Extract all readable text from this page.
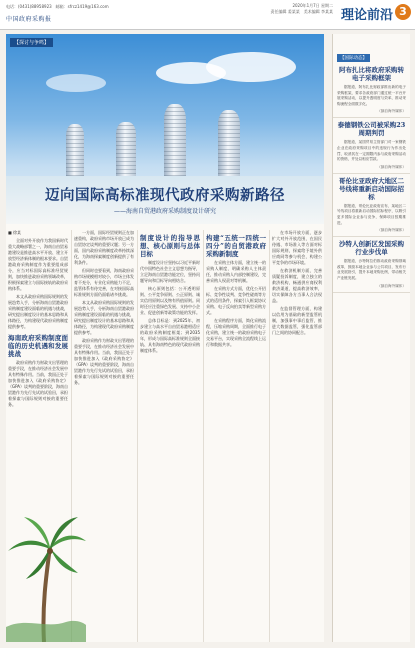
电话：(0431)88958923　邮箱：sfrcz1419@163.com
中国政府采购报
2020年1月7日 星期二
责任编辑 姜某某　美术编辑 李某某 理论前沿 3
【探讨与争鸣】
迈向国际高标准现代政府采购新路径
——海南自贸港政府采购制度设计研究

■ 徐某

全面对外开放作为我国新时代重大战略部署之一，海南自由贸易港建设是推进高水平开放、建立开放型经济新体制的根本要求。自贸港政府采购制度作为重要组成部分，应当对标国际高标准经贸规则，加快推进政府采购领域改革，积极探索建立与国际接轨的政府采购体系。

本文从政府采购国际规则的发展趋势入手，分析海南自贸港政府采购制度建设面临的机遇与挑战，研究提出制度设计的基本思路和具体路径，为构建现代政府采购制度提供参考。

海南政府采购制度面临的历史机遇和发展挑战

政府采购作为财政支出管理的重要手段，在推动经济社会发展中具有特殊作用。当前，我国正处于加快推进加入《政府采购协定》（GPA）谈判的重要阶段，海南自贸港作为先行先试的试验田，承担着探索与国际规则对接的重要任务。

一方面，国际经贸规则正在加速重构，政府采购市场开放已成为自贸协定谈判的重要议题；另一方面，国内政府采购制度改革持续深化，为海南探索制度创新提供了有利条件。

但同时也要看到，海南政府采购市场规模相对较小，市场主体发育不充分，专业化采购能力不足，监管体系有待完善，在对接国际高标准规则方面仍面临诸多挑战。

本文从政府采购国际规则的发展趋势入手，分析海南自贸港政府采购制度建设面临的机遇与挑战，研究提出制度设计的基本思路和具体路径，为构建现代政府采购制度提供参考。

政府采购作为财政支出管理的重要手段，在推动经济社会发展中具有特殊作用。当前，我国正处于加快推进加入《政府采购协定》（GPA）谈判的重要阶段，海南自贸港作为先行先试的试验田，承担着探索与国际规则对接的重要任务。

制度设计的指导思想、核心原则与总体目标

制度设计应坚持以习近平新时代中国特色社会主义思想为指导，立足海南自贸港功能定位，坚持问题导向和目标导向相结合。

核心原则包括：公开透明原则、公平竞争原则、公正原则、诚实信用原则以及物有所值原则。同时还应注重绿色发展、支持中小企业、促进创新等政策功能的发挥。

总体目标是：到2025年，初步建立与高水平自由贸易港相适应的政府采购制度框架；到2035年，形成与国际高标准规则全面接轨、具有海南特色的现代政府采购制度体系。

构建“五统一四统一四分”的自贸港政府采购新制度

在采购主体方面，建立统一的采购人制度，明确采购人主体责任，推动采购人内部控制建设，完善采购人权责对等机制。

在采购方式方面，优化公开招标、竞争性谈判、竞争性磋商等方式的适用条件，探索引入框架协议采购、电子反向拍卖等新型采购方式。

在采购程序方面，简化采购流程，压缩采购周期，全面推行电子化采购，建立统一的政府采购电子交易平台，实现采购全流程线上运行和数据共享。

在市场开放方面，逐步扩大对外开放范围，在国民待遇、市场准入等方面对标国际规则，探索给予境外供应商同等参与机会，构建公平竞争的市场环境。

在救济机制方面，完善质疑投诉制度，建立独立的救济机构，畅通供应商权利救济渠道，提高救济效率，切实保障各方当事人合法权益。

在监督管理方面，构建以信用为基础的新型监管机制，加强事中事后监管，推进大数据监管，强化监管部门之间的协同配合。

【国际动态】
阿布扎比将政府采购转电子采购框架
据报道，阿布扎比财政部推出新的电子采购框架，要求各政府部门通过统一平台开展采购活动，以提升透明度与效率，推动采购流程全面数字化。
（摘自海外媒体）
泰德钢铁公司被采购23周期判罚
据报道，某国贸易主管部门对一家钢铁企业在政府采购项目中的违规行为作出处罚，取消其在一定期限内参与政府采购活动的资格，并处以相应罚款。
（摘自海外媒体）
哥伦比亚政府大地区二号线将重新启动国际招标
据报道，哥伦比亚政府宣布，某地区二号线项目将重新启动国际招标程序，以吸引更多国际企业参与竞争，保障项目按期推进。
（摘自海外媒体）
沙特人创新区发国采购行业步伐单
据报道，沙特阿拉伯推动政府采购领域改革，鼓励本地企业参与公共项目，发布行业发展指引，提升本地采购比例，带动相关产业链发展。
（摘自海外媒体）
